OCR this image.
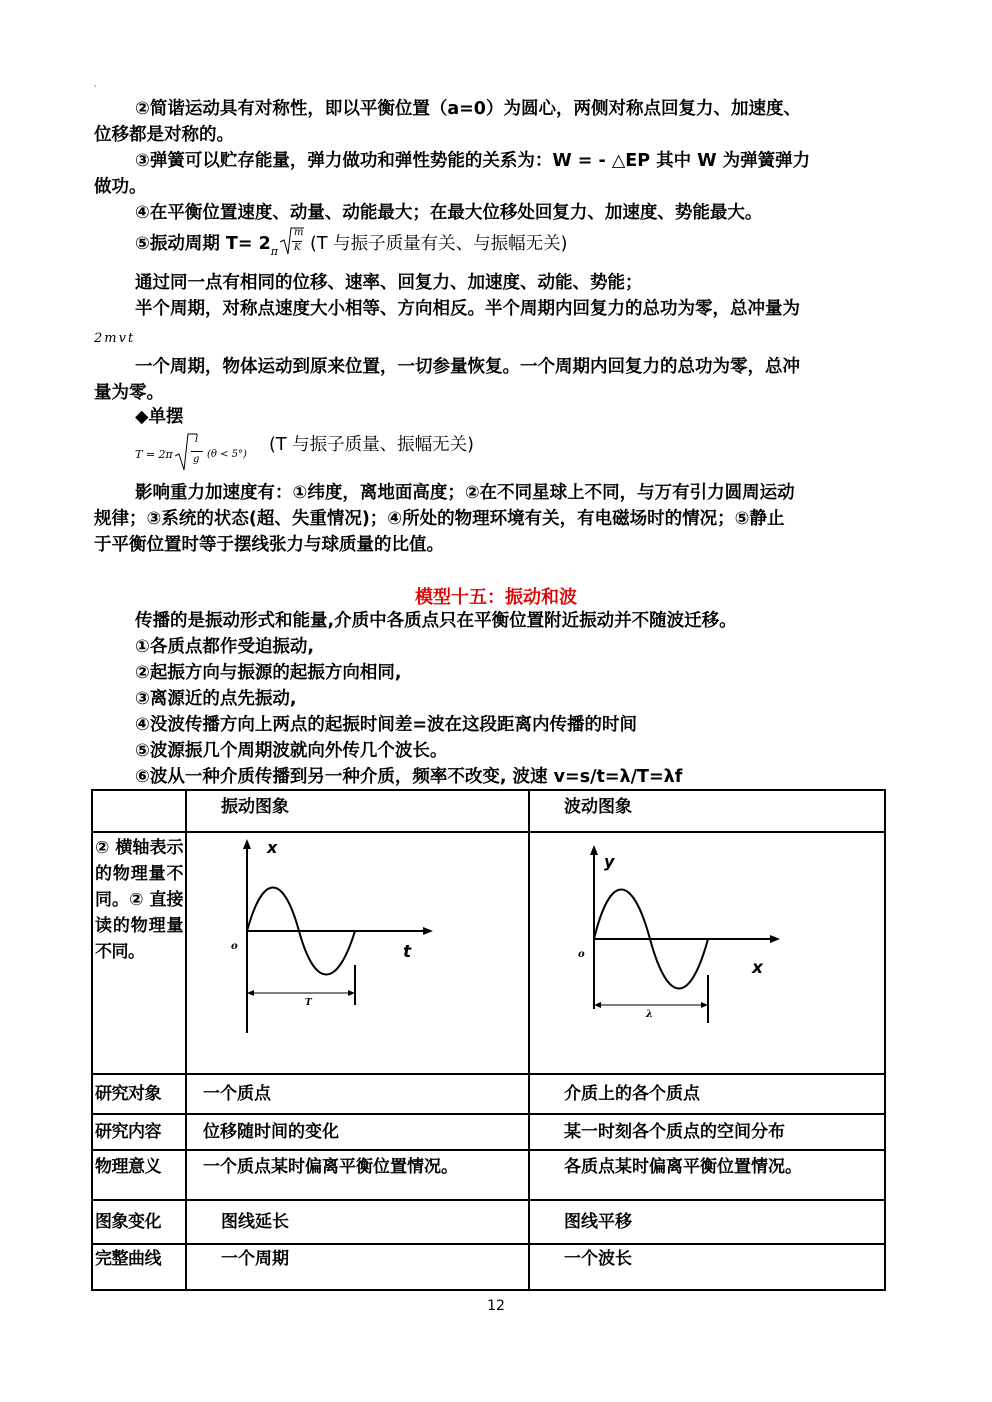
'
②简谐运动具有对称性，即以平衡位置（a=0）为圆心，两侧对称点回复力、加速度、
位移都是对称的。
③弹簧可以贮存能量，弹力做功和弹性势能的关系为：W = - △EP 其中 W 为弹簧弹力
做功。
④在平衡位置速度、动量、动能最大；在最大位移处回复力、加速度、势能最大。
⑤振动周期 $T= 2_\pi \frac{m}{K} (T$ 与振子质量有关、与振幅无关)
通过同一点有相同的位移、速率、回复力、加速度、动能、势能；
半个周期，对称点速度大小相等、方向相反。半个周期内回复力的总功为零，总冲量为
2mvt
一个周期，物体运动到原来位置，一切参量恢复。一个周期内回复力的总功为零，总冲
量为零。
◆单摆
T = 2π
l
g (θ < 5°) (T 与振子质量、振幅无关)
影响重力加速度有：①纬度，离地面高度；②在不同星球上不同，与万有引力圆周运动
规律；③系统的状态(超、失重情况)；④所处的物理环境有关，有电磁场时的情况；⑤静止
于平衡位置时等于摆线张力与球质量的比值。
模型十五：振动和波
传播的是振动形式和能量,介质中各质点只在平衡位置附近振动并不随波迁移。
①各质点都作受迫振动,
②起振方向与振源的起振方向相同,
③离源近的点先振动,
④没波传播方向上两点的起振时间差=波在这段距离内传播的时间
⑤波源振几个周期波就向外传几个波长。
⑥波从一种介质传播到另一种介质，频率不改变, 波速 v=s/t=λ/T=λf
	振动图象	波动图象

② 横轴表示的物理量不同。② 直接读的物理量不同。	x
t
o
T	y
x
o
λ

研究对象	一个质点	介质上的各个质点
研究内容	位移随时间的变化	某一时刻各个质点的空间分布
物理意义	一个质点某时偏离平衡位置情况。	各质点某时偏离平衡位置情况。
图象变化	图线延长	图线平移
完整曲线	一个周期	一个波长
12
